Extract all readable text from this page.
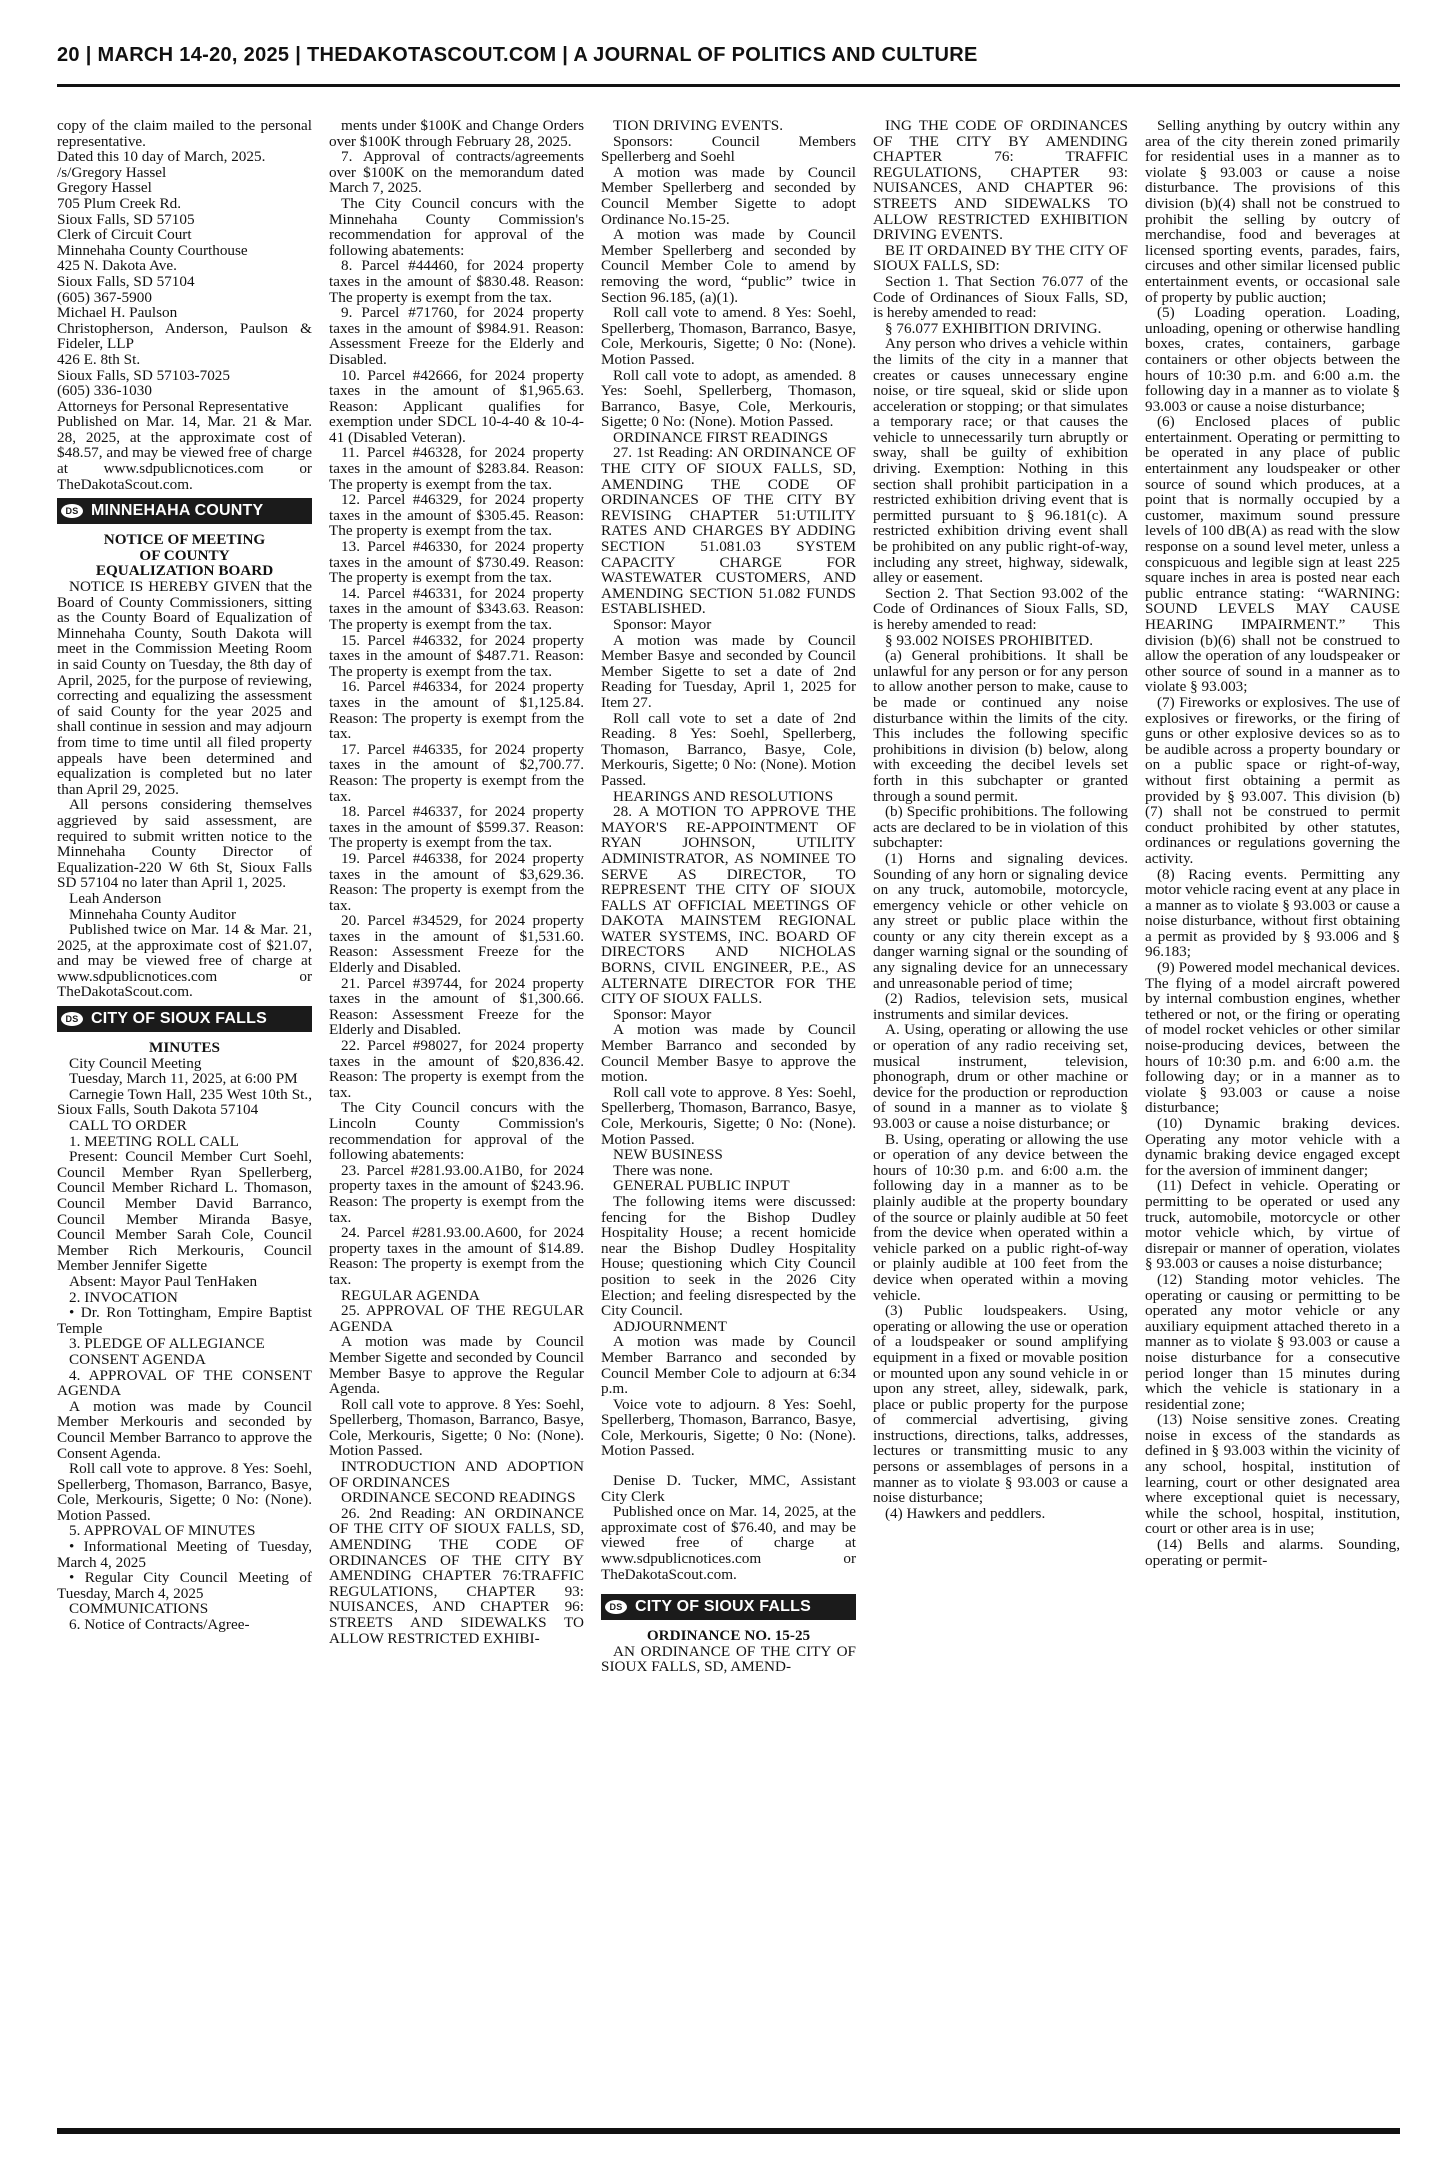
20 | MARCH 14-20, 2025 | THEDAKOTASCOUT.COM | A JOURNAL OF POLITICS AND CULTURE

copy of the claim mailed to the personal representative.

Dated this 10 day of March, 2025.

/s/Gregory Hassel

Gregory Hassel

705 Plum Creek Rd.

Sioux Falls, SD 57105

Clerk of Circuit Court

Minnehaha County Courthouse

425 N. Dakota Ave.

Sioux Falls, SD 57104

(605) 367-5900

Michael H. Paulson

Christopherson, Anderson, Paulson & Fideler, LLP

426 E. 8th St.

Sioux Falls, SD 57103-7025

(605) 336-1030

Attorneys for Personal Representative

Published on Mar. 14, Mar. 21 & Mar. 28, 2025, at the approximate cost of $48.57, and may be viewed free of charge at www.sdpublicnotices.com or TheDakotaScout.com.

DS MINNEHAHA COUNTY

NOTICE OF MEETING

OF COUNTY

EQUALIZATION BOARD

NOTICE IS HEREBY GIVEN that the Board of County Commissioners, sitting as the County Board of Equalization of Minnehaha County, South Dakota will meet in the Commission Meeting Room in said County on Tuesday, the 8th day of April, 2025, for the purpose of reviewing, correcting and equalizing the assessment of said County for the year 2025 and shall continue in session and may adjourn from time to time until all filed property appeals have been determined and equalization is completed but no later than April 29, 2025.

All persons considering themselves aggrieved by said assessment, are required to submit written notice to the Minnehaha County Director of Equalization-220 W 6th St, Sioux Falls SD 57104 no later than April 1, 2025.

Leah Anderson

Minnehaha County Auditor

Published twice on Mar. 14 & Mar. 21, 2025, at the approximate cost of $21.07, and may be viewed free of charge at www.sdpublicnotices.com or TheDakotaScout.com.

DS CITY OF SIOUX FALLS

MINUTES

City Council Meeting

Tuesday, March 11, 2025, at 6:00 PM

Carnegie Town Hall, 235 West 10th St., Sioux Falls, South Dakota 57104

CALL TO ORDER

1. MEETING ROLL CALL

Present: Council Member Curt Soehl, Council Member Ryan Spellerberg, Council Member Richard L. Thomason, Council Member David Barranco, Council Member Miranda Basye, Council Member Sarah Cole, Council Member Rich Merkouris, Council Member Jennifer Sigette

Absent: Mayor Paul TenHaken

2. INVOCATION

• Dr. Ron Tottingham, Empire Baptist Temple

3. PLEDGE OF ALLEGIANCE

CONSENT AGENDA

4. APPROVAL OF THE CONSENT AGENDA

A motion was made by Council Member Merkouris and seconded by Council Member Barranco to approve the Consent Agenda.

Roll call vote to approve. 8 Yes: Soehl, Spellerberg, Thomason, Barranco, Basye, Cole, Merkouris, Sigette; 0 No: (None). Motion Passed.

5. APPROVAL OF MINUTES

• Informational Meeting of Tuesday, March 4, 2025

• Regular City Council Meeting of Tuesday, March 4, 2025

COMMUNICATIONS

6. Notice of Contracts/Agree-

ments under $100K and Change Orders over $100K through February 28, 2025.

7. Approval of contracts/agreements over $100K on the memorandum dated March 7, 2025.

The City Council concurs with the Minnehaha County Commission's recommendation for approval of the following abatements:

8. Parcel #44460, for 2024 property taxes in the amount of $830.48. Reason: The property is exempt from the tax.

9. Parcel #71760, for 2024 property taxes in the amount of $984.91. Reason: Assessment Freeze for the Elderly and Disabled.

10. Parcel #42666, for 2024 property taxes in the amount of $1,965.63. Reason: Applicant qualifies for exemption under SDCL 10-4-40 & 10-4-41 (Disabled Veteran).

11. Parcel #46328, for 2024 property taxes in the amount of $283.84. Reason: The property is exempt from the tax.

12. Parcel #46329, for 2024 property taxes in the amount of $305.45. Reason: The property is exempt from the tax.

13. Parcel #46330, for 2024 property taxes in the amount of $730.49. Reason: The property is exempt from the tax.

14. Parcel #46331, for 2024 property taxes in the amount of $343.63. Reason: The property is exempt from the tax.

15. Parcel #46332, for 2024 property taxes in the amount of $487.71. Reason: The property is exempt from the tax.

16. Parcel #46334, for 2024 property taxes in the amount of $1,125.84. Reason: The property is exempt from the tax.

17. Parcel #46335, for 2024 property taxes in the amount of $2,700.77. Reason: The property is exempt from the tax.

18. Parcel #46337, for 2024 property taxes in the amount of $599.37. Reason: The property is exempt from the tax.

19. Parcel #46338, for 2024 property taxes in the amount of $3,629.36. Reason: The property is exempt from the tax.

20. Parcel #34529, for 2024 property taxes in the amount of $1,531.60. Reason: Assessment Freeze for the Elderly and Disabled.

21. Parcel #39744, for 2024 property taxes in the amount of $1,300.66. Reason: Assessment Freeze for the Elderly and Disabled.

22. Parcel #98027, for 2024 property taxes in the amount of $20,836.42. Reason: The property is exempt from the tax.

The City Council concurs with the Lincoln County Commission's recommendation for approval of the following abatements:

23. Parcel #281.93.00.A1B0, for 2024 property taxes in the amount of $243.96. Reason: The property is exempt from the tax.

24. Parcel #281.93.00.A600, for 2024 property taxes in the amount of $14.89. Reason: The property is exempt from the tax.

REGULAR AGENDA

25. APPROVAL OF THE REGULAR AGENDA

A motion was made by Council Member Sigette and seconded by Council Member Basye to approve the Regular Agenda.

Roll call vote to approve. 8 Yes: Soehl, Spellerberg, Thomason, Barranco, Basye, Cole, Merkouris, Sigette; 0 No: (None). Motion Passed.

INTRODUCTION AND ADOPTION OF ORDINANCES

ORDINANCE SECOND READINGS

26. 2nd Reading: AN ORDINANCE OF THE CITY OF SIOUX FALLS, SD, AMENDING THE CODE OF ORDINANCES OF THE CITY BY AMENDING CHAPTER 76:TRAFFIC REGULATIONS, CHAPTER 93: NUISANCES, AND CHAPTER 96: STREETS AND SIDEWALKS TO ALLOW RESTRICTED EXHIBI-

TION DRIVING EVENTS.

Sponsors: Council Members Spellerberg and Soehl

A motion was made by Council Member Spellerberg and seconded by Council Member Sigette to adopt Ordinance No.15-25.

A motion was made by Council Member Spellerberg and seconded by Council Member Cole to amend by removing the word, “public” twice in Section 96.185, (a)(1).

Roll call vote to amend. 8 Yes: Soehl, Spellerberg, Thomason, Barranco, Basye, Cole, Merkouris, Sigette; 0 No: (None). Motion Passed.

Roll call vote to adopt, as amended. 8 Yes: Soehl, Spellerberg, Thomason, Barranco, Basye, Cole, Merkouris, Sigette; 0 No: (None). Motion Passed.

ORDINANCE FIRST READINGS

27. 1st Reading: AN ORDINANCE OF THE CITY OF SIOUX FALLS, SD, AMENDING THE CODE OF ORDINANCES OF THE CITY BY REVISING CHAPTER 51:UTILITY RATES AND CHARGES BY ADDING SECTION 51.081.03 SYSTEM CAPACITY CHARGE FOR WASTEWATER CUSTOMERS, AND AMENDING SECTION 51.082 FUNDS ESTABLISHED.

Sponsor: Mayor

A motion was made by Council Member Basye and seconded by Council Member Sigette to set a date of 2nd Reading for Tuesday, April 1, 2025 for Item 27.

Roll call vote to set a date of 2nd Reading. 8 Yes: Soehl, Spellerberg, Thomason, Barranco, Basye, Cole, Merkouris, Sigette; 0 No: (None). Motion Passed.

HEARINGS AND RESOLUTIONS

28. A MOTION TO APPROVE THE MAYOR'S RE-APPOINTMENT OF RYAN JOHNSON, UTILITY ADMINISTRATOR, AS NOMINEE TO SERVE AS DIRECTOR, TO REPRESENT THE CITY OF SIOUX FALLS AT OFFICIAL MEETINGS OF DAKOTA MAINSTEM REGIONAL WATER SYSTEMS, INC. BOARD OF DIRECTORS AND NICHOLAS BORNS, CIVIL ENGINEER, P.E., AS ALTERNATE DIRECTOR FOR THE CITY OF SIOUX FALLS.

Sponsor: Mayor

A motion was made by Council Member Barranco and seconded by Council Member Basye to approve the motion.

Roll call vote to approve. 8 Yes: Soehl, Spellerberg, Thomason, Barranco, Basye, Cole, Merkouris, Sigette; 0 No: (None). Motion Passed.

NEW BUSINESS

There was none.

GENERAL PUBLIC INPUT

The following items were discussed: fencing for the Bishop Dudley Hospitality House; a recent homicide near the Bishop Dudley Hospitality House; questioning which City Council position to seek in the 2026 City Election; and feeling disrespected by the City Council.

ADJOURNMENT

A motion was made by Council Member Barranco and seconded by Council Member Cole to adjourn at 6:34 p.m.

Voice vote to adjourn. 8 Yes: Soehl, Spellerberg, Thomason, Barranco, Basye, Cole, Merkouris, Sigette; 0 No: (None). Motion Passed.

Denise D. Tucker, MMC, Assistant City Clerk

Published once on Mar. 14, 2025, at the approximate cost of $76.40, and may be viewed free of charge at www.sdpublicnotices.com or TheDakotaScout.com.

DS CITY OF SIOUX FALLS

ORDINANCE NO. 15-25

AN ORDINANCE OF THE CITY OF SIOUX FALLS, SD, AMEND-

ING THE CODE OF ORDINANCES OF THE CITY BY AMENDING CHAPTER 76: TRAFFIC REGULATIONS, CHAPTER 93: NUISANCES, AND CHAPTER 96: STREETS AND SIDEWALKS TO ALLOW RESTRICTED EXHIBITION DRIVING EVENTS.

BE IT ORDAINED BY THE CITY OF SIOUX FALLS, SD:

Section 1. That Section 76.077 of the Code of Ordinances of Sioux Falls, SD, is hereby amended to read:

§ 76.077 EXHIBITION DRIVING.

Any person who drives a vehicle within the limits of the city in a manner that creates or causes unnecessary engine noise, or tire squeal, skid or slide upon acceleration or stopping; or that simulates a temporary race; or that causes the vehicle to unnecessarily turn abruptly or sway, shall be guilty of exhibition driving. Exemption: Nothing in this section shall prohibit participation in a restricted exhibition driving event that is permitted pursuant to § 96.181(c). A restricted exhibition driving event shall be prohibited on any public right-of-way, including any street, highway, sidewalk, alley or easement.

Section 2. That Section 93.002 of the Code of Ordinances of Sioux Falls, SD, is hereby amended to read:

§ 93.002 NOISES PROHIBITED.

(a) General prohibitions. It shall be unlawful for any person or for any person to allow another person to make, cause to be made or continued any noise disturbance within the limits of the city. This includes the following specific prohibitions in division (b) below, along with exceeding the decibel levels set forth in this subchapter or granted through a sound permit.

(b) Specific prohibitions. The following acts are declared to be in violation of this subchapter:

(1) Horns and signaling devices. Sounding of any horn or signaling device on any truck, automobile, motorcycle, emergency vehicle or other vehicle on any street or public place within the county or any city therein except as a danger warning signal or the sounding of any signaling device for an unnecessary and unreasonable period of time;

(2) Radios, television sets, musical instruments and similar devices.

A. Using, operating or allowing the use or operation of any radio receiving set, musical instrument, television, phonograph, drum or other machine or device for the production or reproduction of sound in a manner as to violate § 93.003 or cause a noise disturbance; or

B. Using, operating or allowing the use or operation of any device between the hours of 10:30 p.m. and 6:00 a.m. the following day in a manner as to be plainly audible at the property boundary of the source or plainly audible at 50 feet from the device when operated within a vehicle parked on a public right-of-way or plainly audible at 100 feet from the device when operated within a moving vehicle.

(3) Public loudspeakers. Using, operating or allowing the use or operation of a loudspeaker or sound amplifying equipment in a fixed or movable position or mounted upon any sound vehicle in or upon any street, alley, sidewalk, park, place or public property for the purpose of commercial advertising, giving instructions, directions, talks, addresses, lectures or transmitting music to any persons or assemblages of persons in a manner as to violate § 93.003 or cause a noise disturbance;

(4) Hawkers and peddlers.

Selling anything by outcry within any area of the city therein zoned primarily for residential uses in a manner as to violate § 93.003 or cause a noise disturbance. The provisions of this division (b)(4) shall not be construed to prohibit the selling by outcry of merchandise, food and beverages at licensed sporting events, parades, fairs, circuses and other similar licensed public entertainment events, or occasional sale of property by public auction;

(5) Loading operation. Loading, unloading, opening or otherwise handling boxes, crates, containers, garbage containers or other objects between the hours of 10:30 p.m. and 6:00 a.m. the following day in a manner as to violate § 93.003 or cause a noise disturbance;

(6) Enclosed places of public entertainment. Operating or permitting to be operated in any place of public entertainment any loudspeaker or other source of sound which produces, at a point that is normally occupied by a customer, maximum sound pressure levels of 100 dB(A) as read with the slow response on a sound level meter, unless a conspicuous and legible sign at least 225 square inches in area is posted near each public entrance stating: “WARNING: SOUND LEVELS MAY CAUSE HEARING IMPAIRMENT.” This division (b)(6) shall not be construed to allow the operation of any loudspeaker or other source of sound in a manner as to violate § 93.003;

(7) Fireworks or explosives. The use of explosives or fireworks, or the firing of guns or other explosive devices so as to be audible across a property boundary or on a public space or right-of-way, without first obtaining a permit as provided by § 93.007. This division (b)(7) shall not be construed to permit conduct prohibited by other statutes, ordinances or regulations governing the activity.

(8) Racing events. Permitting any motor vehicle racing event at any place in a manner as to violate § 93.003 or cause a noise disturbance, without first obtaining a permit as provided by § 93.006 and § 96.183;

(9) Powered model mechanical devices. The flying of a model aircraft powered by internal combustion engines, whether tethered or not, or the firing or operating of model rocket vehicles or other similar noise-producing devices, between the hours of 10:30 p.m. and 6:00 a.m. the following day; or in a manner as to violate § 93.003 or cause a noise disturbance;

(10) Dynamic braking devices. Operating any motor vehicle with a dynamic braking device engaged except for the aversion of imminent danger;

(11) Defect in vehicle. Operating or permitting to be operated or used any truck, automobile, motorcycle or other motor vehicle which, by virtue of disrepair or manner of operation, violates § 93.003 or causes a noise disturbance;

(12) Standing motor vehicles. The operating or causing or permitting to be operated any motor vehicle or any auxiliary equipment attached thereto in a manner as to violate § 93.003 or cause a noise disturbance for a consecutive period longer than 15 minutes during which the vehicle is stationary in a residential zone;

(13) Noise sensitive zones. Creating noise in excess of the standards as defined in § 93.003 within the vicinity of any school, hospital, institution of learning, court or other designated area where exceptional quiet is necessary, while the school, hospital, institution, court or other area is in use;

(14) Bells and alarms. Sounding, operating or permit-
